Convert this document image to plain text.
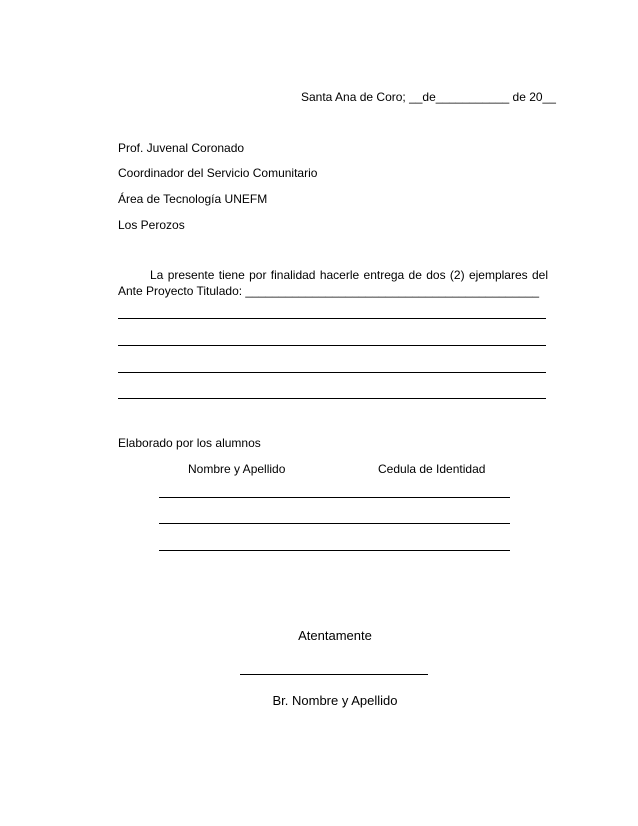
Santa Ana de Coro; __de___________ de 20__
Prof. Juvenal Coronado
Coordinador del Servicio Comunitario
Área de Tecnología UNEFM
Los Perozos
La presente tiene por finalidad hacerle entrega de dos (2) ejemplares del
Ante Proyecto Titulado: ____________________________________________
Elaborado por los alumnos
Nombre y Apellido	Cedula de Identidad
Atentamente
Br. Nombre y Apellido
